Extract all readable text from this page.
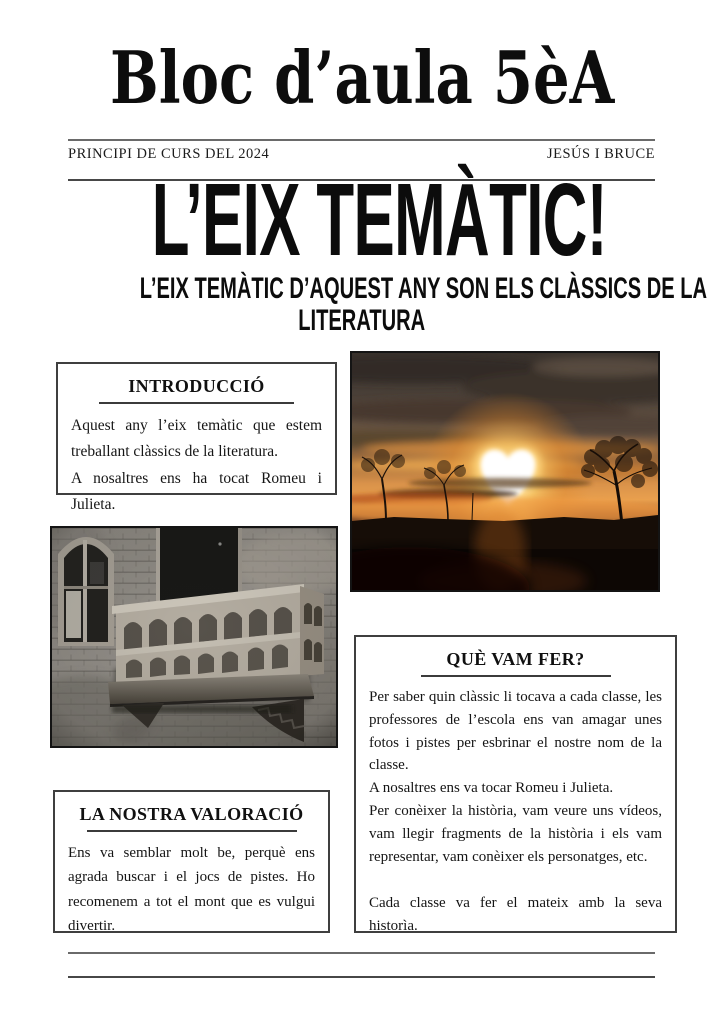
Bloc d’aula 5èA
PRINCIPI DE CURS DEL 2024	JESÚS I BRUCE
L’EIX TEMÀTIC!
L’EIX TEMÀTIC D’AQUEST ANY SON ELS CLÀSSICS DE LA
LITERATURA
INTRODUCCIÓ

Aquest any l’eix temàtic que estem treballant clàssics de la literatura.

A nosaltres ens ha tocat Romeu i Julieta.

QUÈ VAM FER?

Per saber quin clàssic li tocava a cada classe, les professores de l’escola ens van amagar unes fotos i pistes per esbrinar el nostre nom de la classe.

A nosaltres ens va tocar Romeu i Julieta.

Per conèixer la història, vam veure uns vídeos, vam llegir fragments de la història i els vam representar, vam conèixer els personatges, etc.

Cada classe va fer el mateix amb la seva historìa.

LA NOSTRA VALORACIÓ

Ens va semblar molt be, perquè ens agrada buscar i el jocs de pistes. Ho recomenem a tot el mont que es vulgui divertir.
